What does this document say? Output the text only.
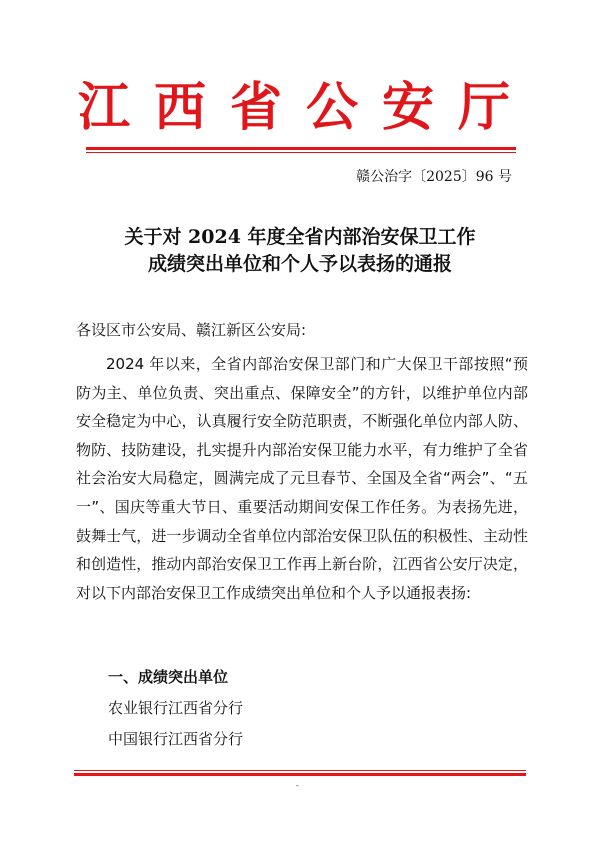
江西省公安厅
赣公治字〔2025〕96 号
关于对 2024 年度全省内部治安保卫工作
成绩突出单位和个人予以表扬的通报
各设区市公安局、赣江新区公安局:
2024 年以来，全省内部治安保卫部门和广大保卫干部按照“预防为主、单位负责、突出重点、保障安全”的方针，以维护单位内部安全稳定为中心，认真履行安全防范职责，不断强化单位内部人防、物防、技防建设，扎实提升内部治安保卫能力水平，有力维护了全省社会治安大局稳定，圆满完成了元旦春节、全国及全省“两会”、“五一”、国庆等重大节日、重要活动期间安保工作任务。为表扬先进，鼓舞士气，进一步调动全省单位内部治安保卫队伍的积极性、主动性和创造性，推动内部治安保卫工作再上新台阶，江西省公安厅决定，对以下内部治安保卫工作成绩突出单位和个人予以通报表扬:
一、成绩突出单位
农业银行江西省分行
中国银行江西省分行
-
